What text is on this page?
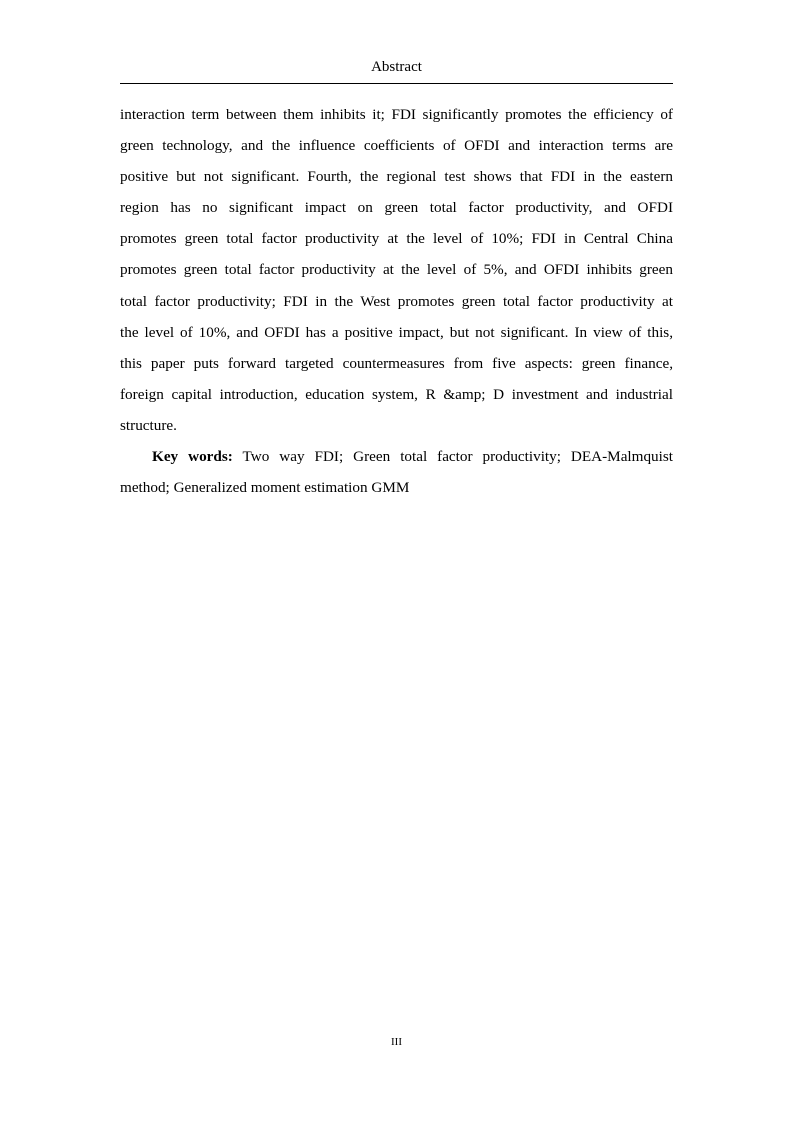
Abstract
interaction term between them inhibits it; FDI significantly promotes the efficiency of
green technology, and the influence coefficients of OFDI and interaction terms are
positive but not significant. Fourth, the regional test shows that FDI in the eastern
region has no significant impact on green total factor productivity, and OFDI
promotes green total factor productivity at the level of 10%; FDI in Central China
promotes green total factor productivity at the level of 5%, and OFDI inhibits green
total factor productivity; FDI in the West promotes green total factor productivity at
the level of 10%, and OFDI has a positive impact, but not significant. In view of this,
this paper puts forward targeted countermeasures from five aspects: green finance,
foreign capital introduction, education system, R &amp; D investment and industrial
structure.
Key words: Two way FDI; Green total factor productivity; DEA-Malmquist
method; Generalized moment estimation GMM
III
